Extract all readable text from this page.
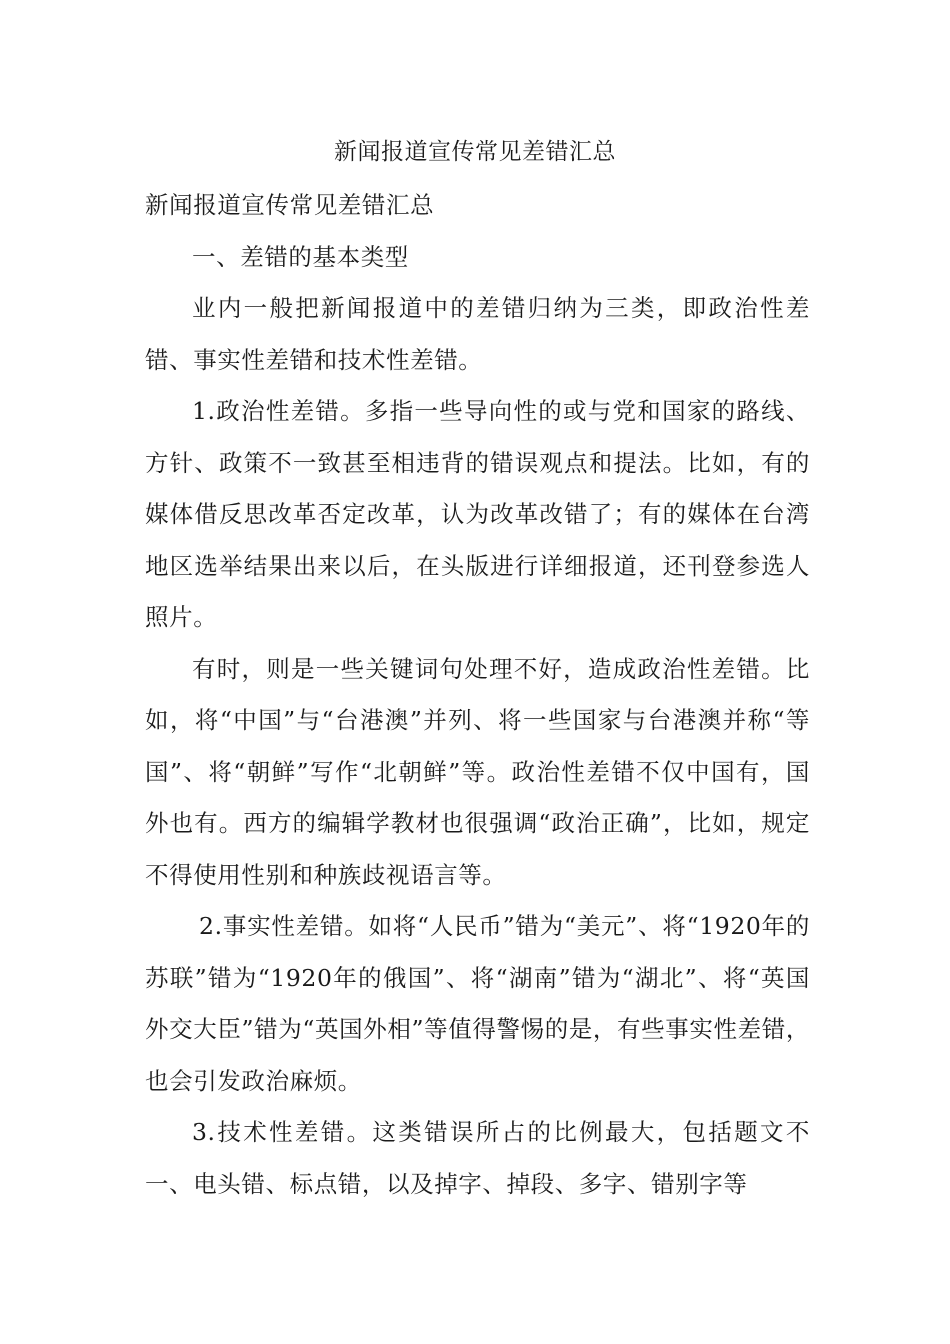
新闻报道宣传常见差错汇总

新闻报道宣传常见差错汇总

一、差错的基本类型

业内一般把新闻报道中的差错归纳为三类，即政治性差错、事实性差错和技术性差错。

1.政治性差错。多指一些导向性的或与党和国家的路线、方针、政策不一致甚至相违背的错误观点和提法。比如，有的媒体借反思改革否定改革，认为改革改错了；有的媒体在台湾地区选举结果出来以后，在头版进行详细报道，还刊登参选人照片。

有时，则是一些关键词句处理不好，造成政治性差错。比如，将“中国”与“台港澳”并列、将一些国家与台港澳并称“等国”、将“朝鲜”写作“北朝鲜”等。政治性差错不仅中国有，国外也有。西方的编辑学教材也很强调“政治正确”，比如，规定不得使用性别和种族歧视语言等。

2.事实性差错。如将“人民币”错为“美元”、将“1920年的苏联”错为“1920年的俄国”、将“湖南”错为“湖北”、将“英国外交大臣”错为“英国外相”等值得警惕的是，有些事实性差错，也会引发政治麻烦。

3.技术性差错。这类错误所占的比例最大，包括题文不一、电头错、标点错，以及掉字、掉段、多字、错别字等
